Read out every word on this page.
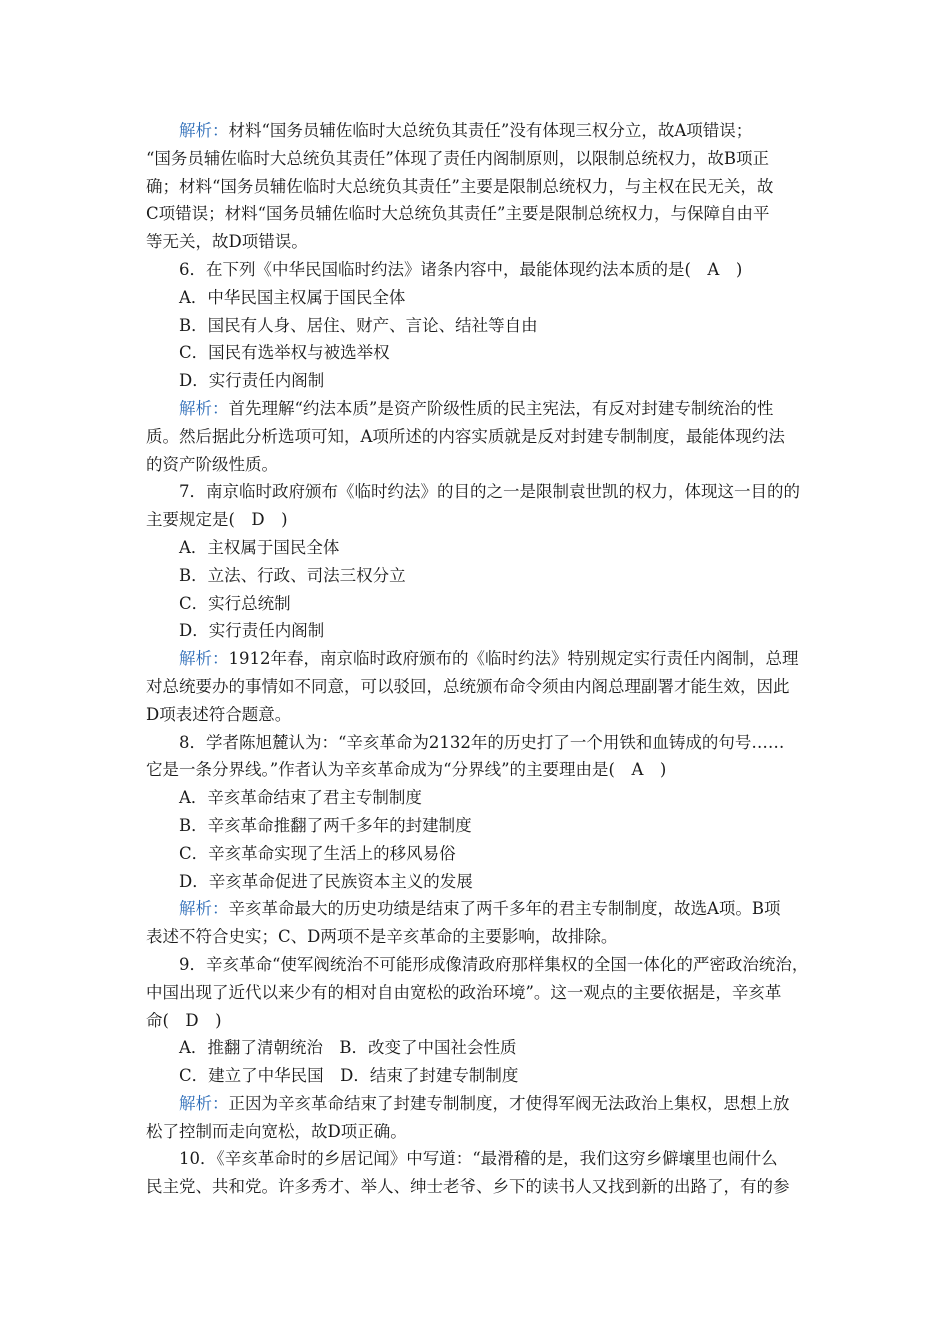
解析：材料“国务员辅佐临时大总统负其责任”没有体现三权分立，故A项错误；
“国务员辅佐临时大总统负其责任”体现了责任内阁制原则，以限制总统权力，故B项正
确；材料“国务员辅佐临时大总统负其责任”主要是限制总统权力，与主权在民无关，故
C项错误；材料“国务员辅佐临时大总统负其责任”主要是限制总统权力，与保障自由平
等无关，故D项错误。
6．在下列《中华民国临时约法》诸条内容中，最能体现约法本质的是(　A　)
A．中华民国主权属于国民全体
B．国民有人身、居住、财产、言论、结社等自由
C．国民有选举权与被选举权
D．实行责任内阁制
解析：首先理解“约法本质”是资产阶级性质的民主宪法，有反对封建专制统治的性
质。然后据此分析选项可知，A项所述的内容实质就是反对封建专制制度，最能体现约法
的资产阶级性质。
7．南京临时政府颁布《临时约法》的目的之一是限制袁世凯的权力，体现这一目的的
主要规定是(　D　)
A．主权属于国民全体
B．立法、行政、司法三权分立
C．实行总统制
D．实行责任内阁制
解析：1912年春，南京临时政府颁布的《临时约法》特别规定实行责任内阁制，总理
对总统要办的事情如不同意，可以驳回，总统颁布命令须由内阁总理副署才能生效，因此
D项表述符合题意。
8．学者陈旭麓认为：“辛亥革命为2132年的历史打了一个用铁和血铸成的句号……
它是一条分界线。”作者认为辛亥革命成为“分界线”的主要理由是(　A　)
A．辛亥革命结束了君主专制制度
B．辛亥革命推翻了两千多年的封建制度
C．辛亥革命实现了生活上的移风易俗
D．辛亥革命促进了民族资本主义的发展
解析：辛亥革命最大的历史功绩是结束了两千多年的君主专制制度，故选A项。B项
表述不符合史实；C、D两项不是辛亥革命的主要影响，故排除。
9．辛亥革命“使军阀统治不可能形成像清政府那样集权的全国一体化的严密政治统治，
中国出现了近代以来少有的相对自由宽松的政治环境”。这一观点的主要依据是，辛亥革
命(　D　)
A．推翻了清朝统治　B．改变了中国社会性质
C．建立了中华民国　D．结束了封建专制制度
解析：正因为辛亥革命结束了封建专制制度，才使得军阀无法政治上集权，思想上放
松了控制而走向宽松，故D项正确。
10．《辛亥革命时的乡居记闻》中写道：“最滑稽的是，我们这穷乡僻壤里也闹什么
民主党、共和党。许多秀才、举人、绅士老爷、乡下的读书人又找到新的出路了，有的参
